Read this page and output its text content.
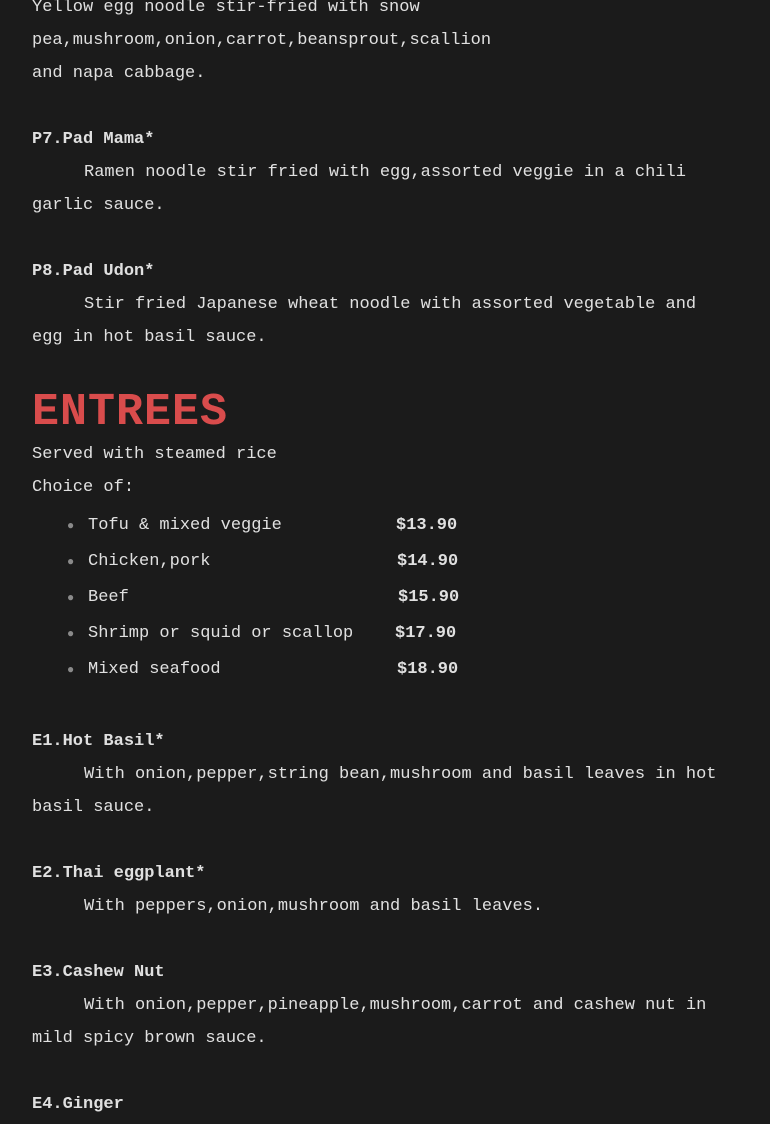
Yellow egg noodle stir-fried with snow

pea,mushroom,onion,carrot,beansprout,scallion

and napa cabbage.

P7.Pad Mama*

Ramen noodle stir fried with egg,assorted veggie in a chili garlic sauce.

P8.Pad Udon*

Stir fried Japanese wheat noodle with assorted vegetable and egg in hot basil sauce.

ENTREES

Served with steamed rice

Choice of:

● Tofu & mixed veggie	$13.90
● Chicken,pork	$14.90
● Beef	$15.90
● Shrimp or squid or scallop $17.90
● Mixed seafood	$18.90

E1.Hot Basil*

With onion,pepper,string bean,mushroom and basil leaves in hot basil sauce.

E2.Thai eggplant*

With peppers,onion,mushroom and basil leaves.

E3.Cashew Nut

With onion,pepper,pineapple,mushroom,carrot and cashew nut in mild spicy brown sauce.

E4.Ginger
